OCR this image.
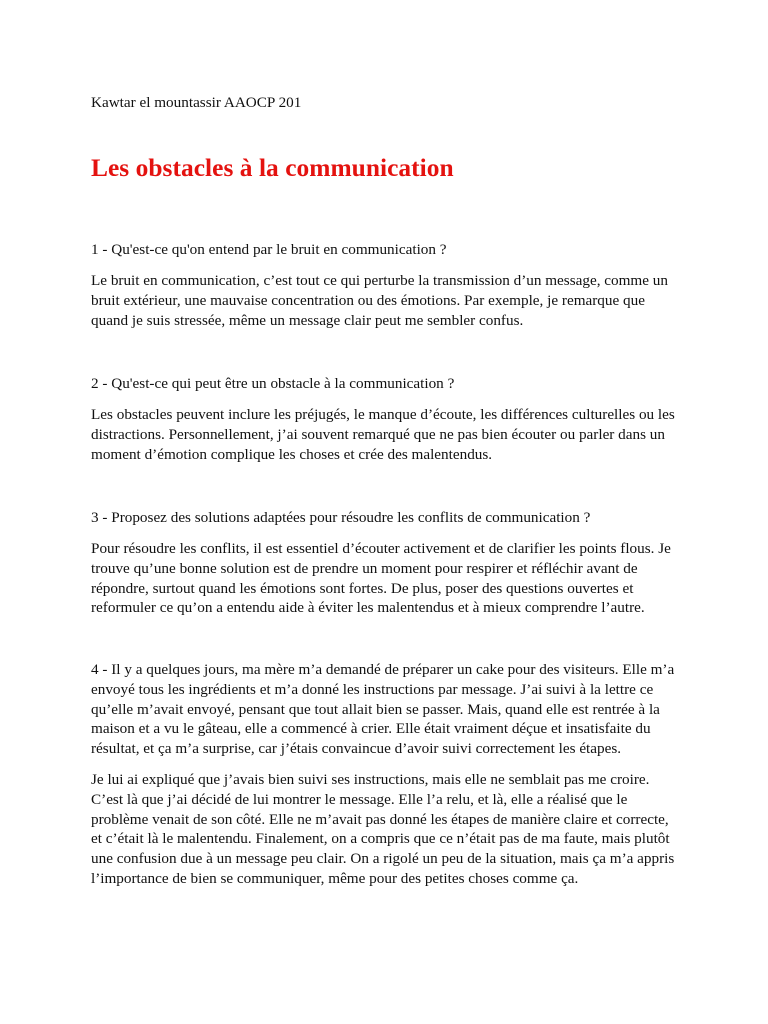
Kawtar el mountassir AAOCP 201

Les obstacles à la communication

1 - Qu'est-ce qu'on entend par le bruit en communication ?

Le bruit en communication, c’est tout ce qui perturbe la transmission d’un message, comme un
bruit extérieur, une mauvaise concentration ou des émotions. Par exemple, je remarque que
quand je suis stressée, même un message clair peut me sembler confus.

2 - Qu'est-ce qui peut être un obstacle à la communication ?

Les obstacles peuvent inclure les préjugés, le manque d’écoute, les différences culturelles ou les
distractions. Personnellement, j’ai souvent remarqué que ne pas bien écouter ou parler dans un
moment d’émotion complique les choses et crée des malentendus.

3 - Proposez des solutions adaptées pour résoudre les conflits de communication ?

Pour résoudre les conflits, il est essentiel d’écouter activement et de clarifier les points flous. Je
trouve qu’une bonne solution est de prendre un moment pour respirer et réfléchir avant de
répondre, surtout quand les émotions sont fortes. De plus, poser des questions ouvertes et
reformuler ce qu’on a entendu aide à éviter les malentendus et à mieux comprendre l’autre.

4 - Il y a quelques jours, ma mère m’a demandé de préparer un cake pour des visiteurs. Elle m’a
envoyé tous les ingrédients et m’a donné les instructions par message. J’ai suivi à la lettre ce
qu’elle m’avait envoyé, pensant que tout allait bien se passer. Mais, quand elle est rentrée à la
maison et a vu le gâteau, elle a commencé à crier. Elle était vraiment déçue et insatisfaite du
résultat, et ça m’a surprise, car j’étais convaincue d’avoir suivi correctement les étapes.

Je lui ai expliqué que j’avais bien suivi ses instructions, mais elle ne semblait pas me croire.
C’est là que j’ai décidé de lui montrer le message. Elle l’a relu, et là, elle a réalisé que le
problème venait de son côté. Elle ne m’avait pas donné les étapes de manière claire et correcte,
et c’était là le malentendu. Finalement, on a compris que ce n’était pas de ma faute, mais plutôt
une confusion due à un message peu clair. On a rigolé un peu de la situation, mais ça m’a appris
l’importance de bien se communiquer, même pour des petites choses comme ça.
